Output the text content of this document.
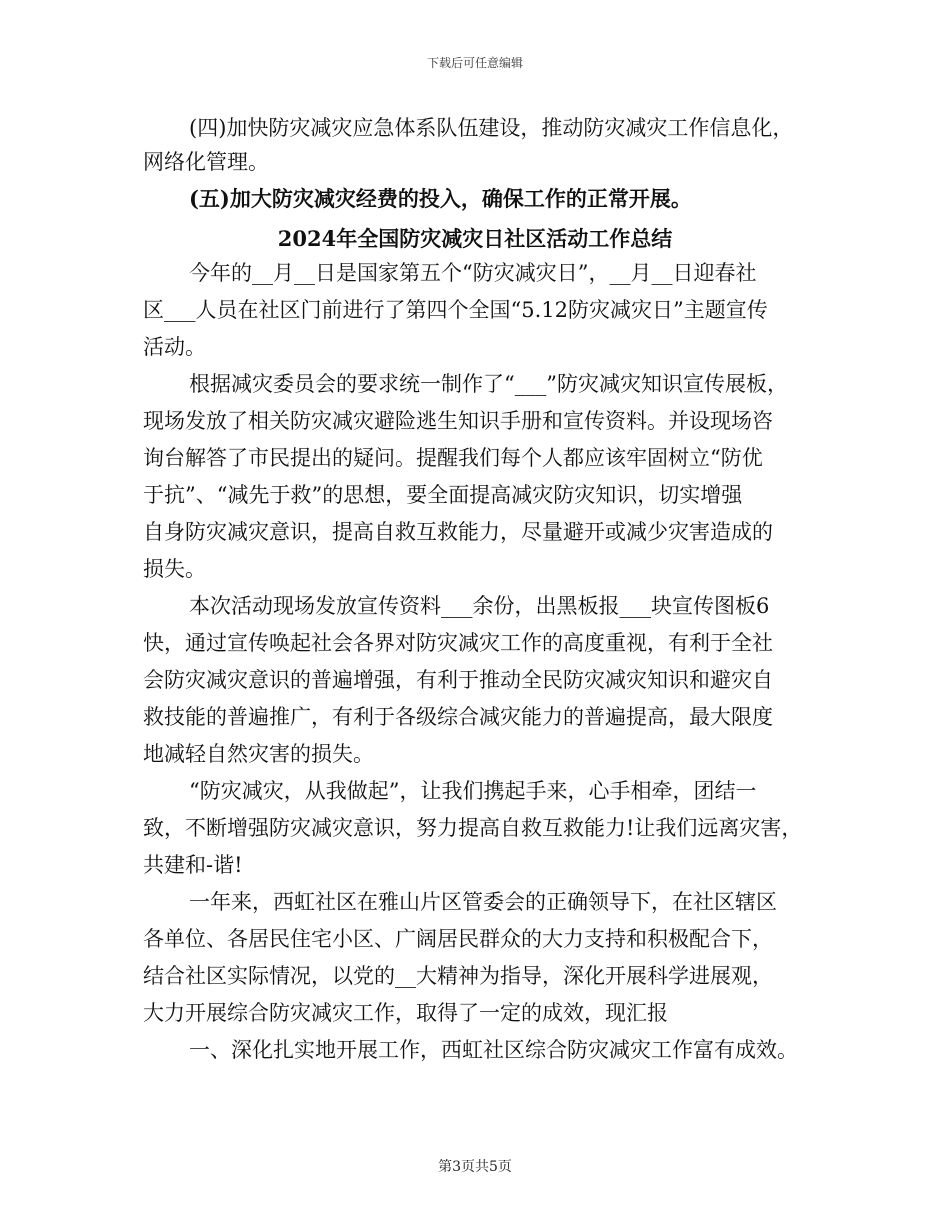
下载后可任意编辑
(四)加快防灾减灾应急体系队伍建设，推动防灾减灾工作信息化，
网络化管理。
(五)加大防灾减灾经费的投入，确保工作的正常开展。
2024年全国防灾减灾日社区活动工作总结
今年的__月__日是国家第五个“防灾减灾日”，__月__日迎春社
区___人员在社区门前进行了第四个全国“5.12防灾减灾日”主题宣传
活动。
根据减灾委员会的要求统一制作了“___”防灾减灾知识宣传展板，
现场发放了相关防灾减灾避险逃生知识手册和宣传资料。并设现场咨
询台解答了市民提出的疑问。提醒我们每个人都应该牢固树立“防优
于抗”、“减先于救”的思想，要全面提高减灾防灾知识，切实增强
自身防灾减灾意识，提高自救互救能力，尽量避开或减少灾害造成的
损失。
本次活动现场发放宣传资料___余份，出黑板报___块宣传图板6
快，通过宣传唤起社会各界对防灾减灾工作的高度重视，有利于全社
会防灾减灾意识的普遍增强，有利于推动全民防灾减灾知识和避灾自
救技能的普遍推广，有利于各级综合减灾能力的普遍提高，最大限度
地减轻自然灾害的损失。
“防灾减灾，从我做起”，让我们携起手来，心手相牵，团结一
致，不断增强防灾减灾意识，努力提高自救互救能力!让我们远离灾害，
共建和-谐!
一年来，西虹社区在雅山片区管委会的正确领导下，在社区辖区
各单位、各居民住宅小区、广阔居民群众的大力支持和积极配合下，
结合社区实际情况，以党的__大精神为指导，深化开展科学进展观，
大力开展综合防灾减灾工作，取得了一定的成效，现汇报
一、深化扎实地开展工作，西虹社区综合防灾减灾工作富有成效。
第3页共5页
